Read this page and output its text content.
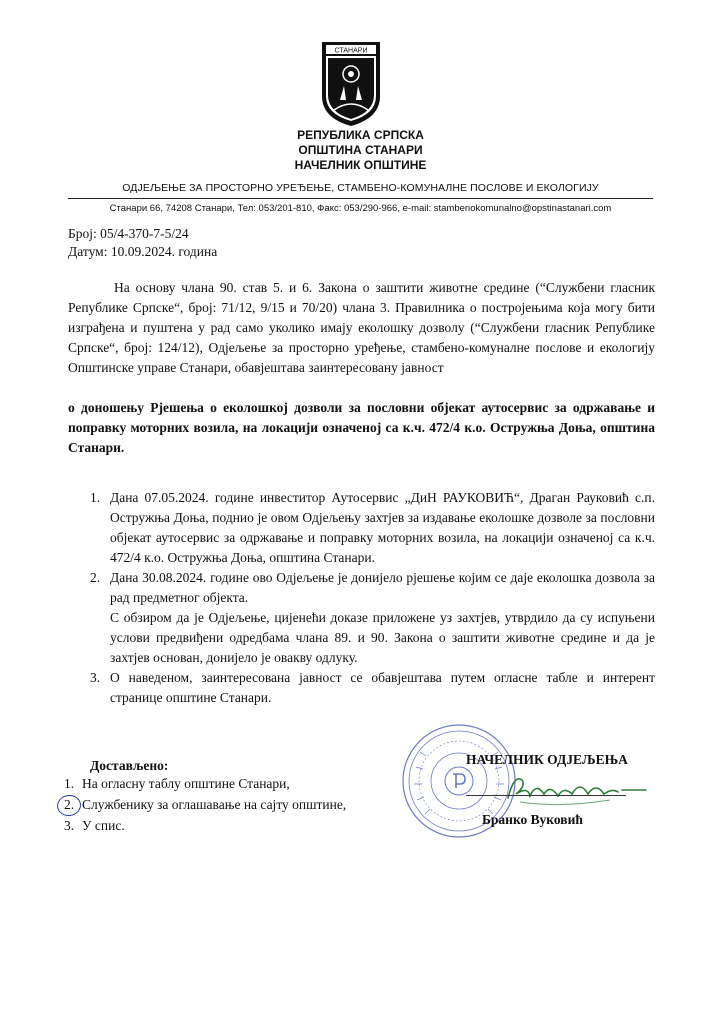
СТАНАРИ
РЕПУБЛИКА СРПСКА
ОПШТИНА СТАНАРИ
НАЧЕЛНИК ОПШТИНЕ
ОДЈЕЉЕЊЕ ЗА ПРОСТОРНО УРЕЂЕЊЕ, СТАМБЕНО-КОМУНАЛНЕ ПОСЛОВЕ И ЕКОЛОГИЈУ
Станари 66, 74208 Станари, Тел: 053/201-810, Факс: 053/290-966, e-mail: stambenokomunalno@opstinastanari.com
Број: 05/4-370-7-5/24
Датум: 10.09.2024. година

На основу члана 90. став 5. и 6. Закона о заштити животне средине (“Службени гласник Републике Српске“, број: 71/12, 9/15 и 70/20) члана 3. Правилника о постројењима која могу бити изграђена и пуштена у рад само уколико имају еколошку дозволу (“Службени гласник Републике Српске“, број: 124/12), Одјељење за просторно уређење, стамбено-комунaлне послове и екологију Општинске управе Станари, обавјештава заинтересовану јавност

о доношењу Рјешења о еколошкој дозволи за пословни објекат аутосервис за одржавање и поправку моторних возила, на локацији означеној са к.ч. 472/4 к.о. Остружња Доња, општина Станари.

1. Дана 07.05.2024. године инвеститор Аутосервис „ДиН РАУКОВИЋ“, Драган Рауковић с.п. Остружња Доња, поднио је овом Одјељењу захтјев за издавање еколошке дозволе за пословни објекат аутосервис за одржавање и поправку моторних возила, на локацији означеној са к.ч. 472/4 к.о. Остружња Доња, општина Станари.

2. Дана 30.08.2024. године ово Одјељење је донијело рјешење којим се даје еколошка дозвола за рад предметног објекта.

С обзиром да је Одјељење, цијенећи доказе приложене уз захтјев, утврдило да су испуњени услови предвиђени одредбама члана 89. и 90. Закона о заштити животне средине и да је захтјев основан, донијело је овакву одлуку.

3. О наведеном, заинтересована јавност се обавјештава путем огласне табле и интерент странице општине Станари.

НАЧЕЛНИК ОДЈЕЉЕЊА
Бранко Вуковић
Достављено:
1. На огласну таблу општине Станари,
2. Службенику за оглашавање на сајту општине,
3. У спис.
